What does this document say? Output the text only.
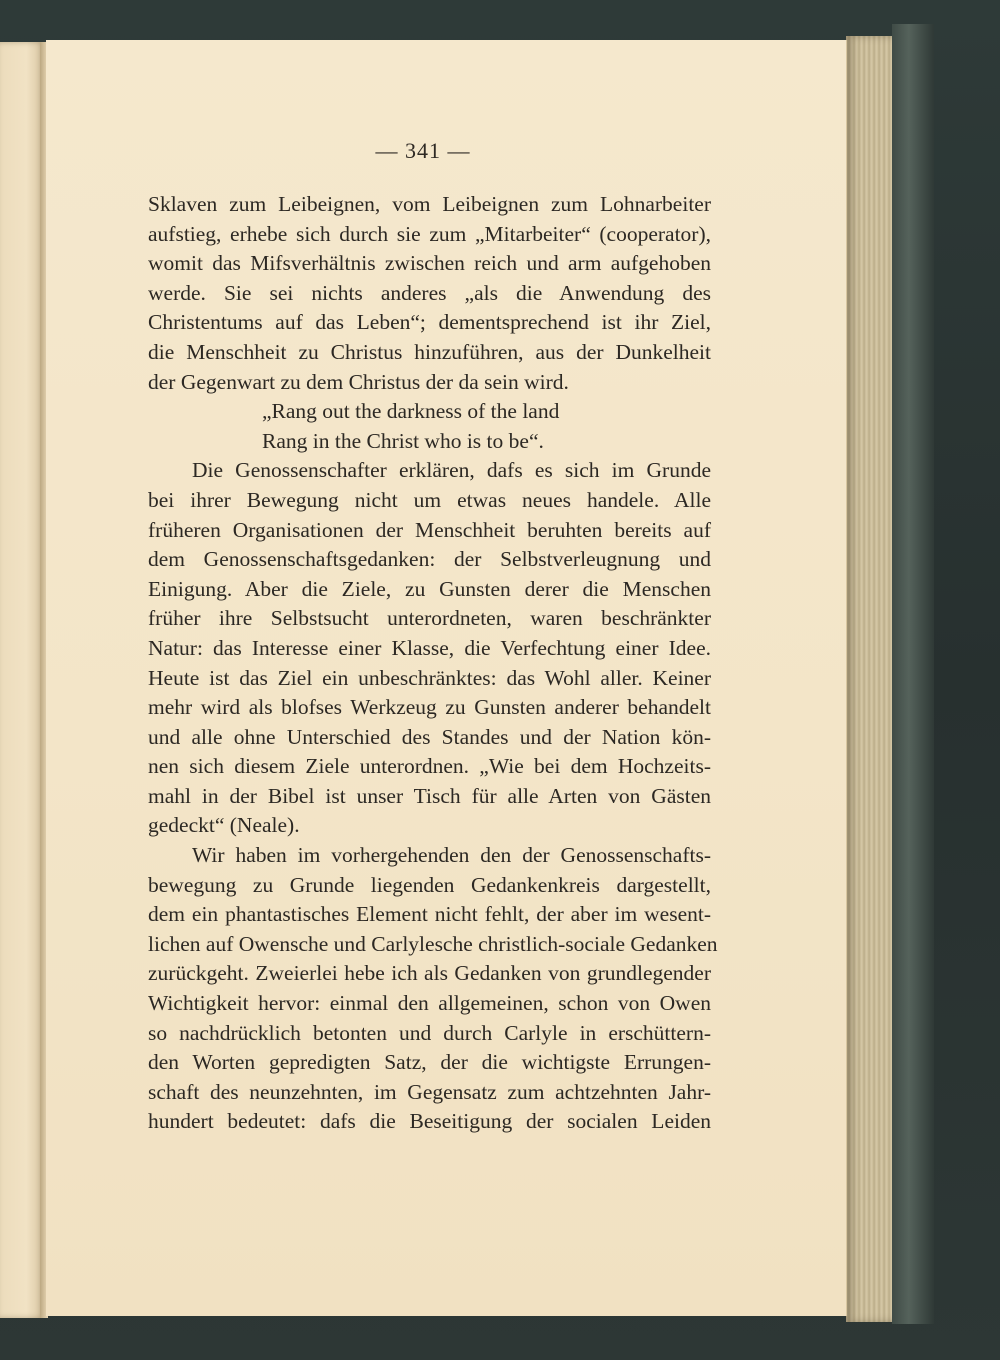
— 341 —
Sklaven zum Leibeignen, vom Leibeignen zum Lohnarbeiter
aufstieg, erhebe sich durch sie zum „Mitarbeiter“ (cooperator),
womit das Mifsverhältnis zwischen reich und arm aufgehoben
werde. Sie sei nichts anderes „als die Anwendung des
Christentums auf das Leben“; dementsprechend ist ihr Ziel,
die Menschheit zu Christus hinzuführen, aus der Dunkelheit
der Gegenwart zu dem Christus der da sein wird.
„Rang out the darkness of the land
Rang in the Christ who is to be“.
Die Genossenschafter erklären, dafs es sich im Grunde
bei ihrer Bewegung nicht um etwas neues handele. Alle
früheren Organisationen der Menschheit beruhten bereits auf
dem Genossenschaftsgedanken: der Selbstverleugnung und
Einigung. Aber die Ziele, zu Gunsten derer die Menschen
früher ihre Selbstsucht unterordneten, waren beschränkter
Natur: das Interesse einer Klasse, die Verfechtung einer Idee.
Heute ist das Ziel ein unbeschränktes: das Wohl aller. Keiner
mehr wird als blofses Werkzeug zu Gunsten anderer behandelt
und alle ohne Unterschied des Standes und der Nation kön-
nen sich diesem Ziele unterordnen. „Wie bei dem Hochzeits-
mahl in der Bibel ist unser Tisch für alle Arten von Gästen
gedeckt“ (Neale).
Wir haben im vorhergehenden den der Genossenschafts-
bewegung zu Grunde liegenden Gedankenkreis dargestellt,
dem ein phantastisches Element nicht fehlt, der aber im wesent-
lichen auf Owensche und Carlylesche christlich-sociale Gedanken
zurückgeht. Zweierlei hebe ich als Gedanken von grundlegender
Wichtigkeit hervor: einmal den allgemeinen, schon von Owen
so nachdrücklich betonten und durch Carlyle in erschüttern-
den Worten gepredigten Satz, der die wichtigste Errungen-
schaft des neunzehnten, im Gegensatz zum achtzehnten Jahr-
hundert bedeutet: dafs die Beseitigung der socialen Leiden
